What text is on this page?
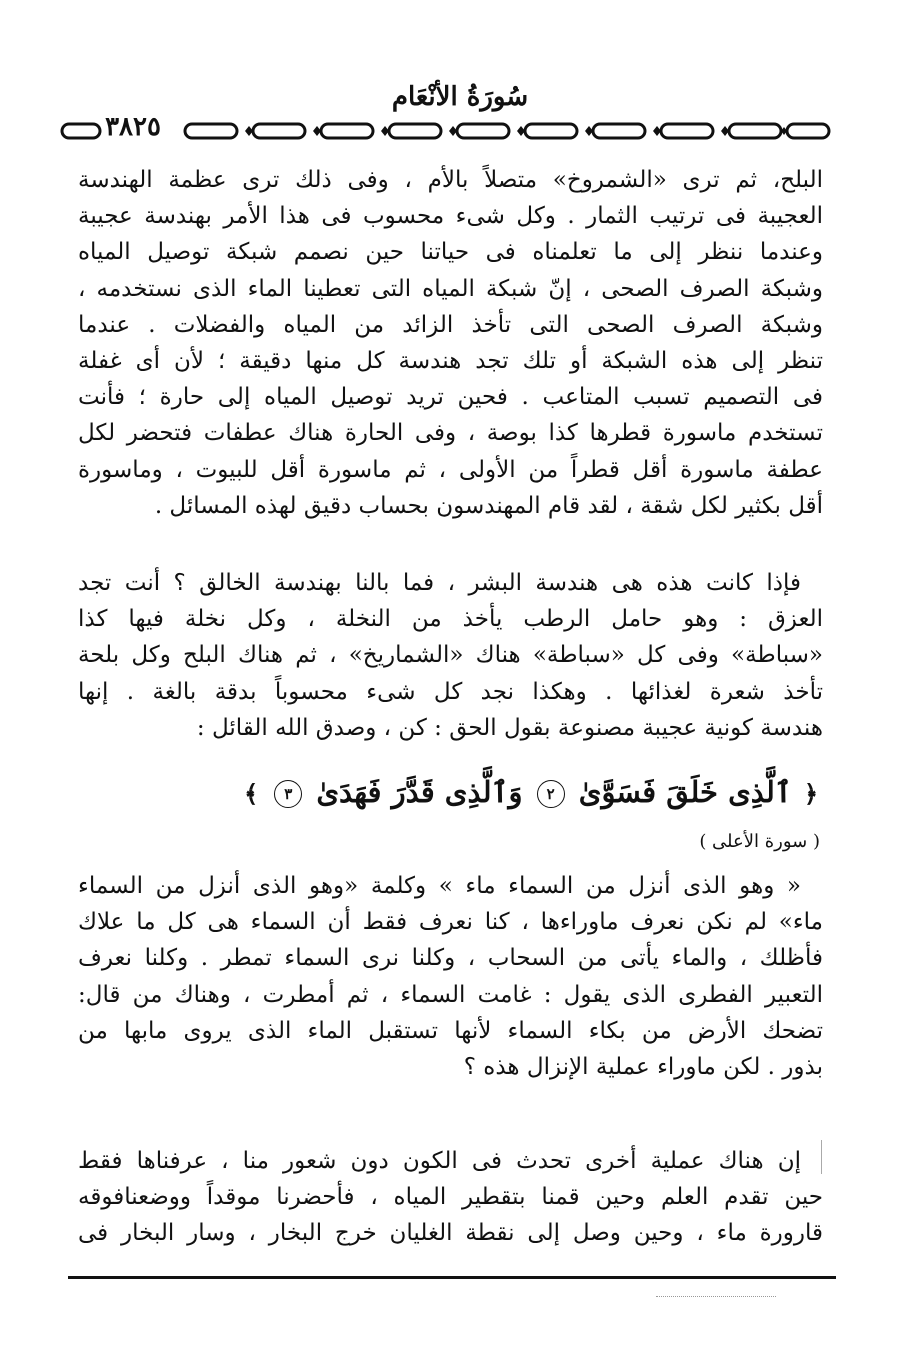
سُورَةُ الأنْعَام
٣٨٢٥
البلح، ثم ترى «الشمروخ» متصلاً بالأم ، وفى ذلك ترى عظمة الهندسة
العجيبة فى ترتيب الثمار . وكل شىء محسوب فى هذا الأمر بهندسة عجيبة
وعندما ننظر إلى ما تعلمناه فى حياتنا حين نصمم شبكة توصيل المياه
وشبكة الصرف الصحى ، إنّ شبكة المياه التى تعطينا الماء الذى نستخدمه ،
وشبكة الصرف الصحى التى تأخذ الزائد من المياه والفضلات . عندما
تنظر إلى هذه الشبكة أو تلك تجد هندسة كل منها دقيقة ؛ لأن أى غفلة
فى التصميم تسبب المتاعب . فحين تريد توصيل المياه إلى حارة ؛ فأنت
تستخدم ماسورة قطرها كذا بوصة ، وفى الحارة هناك عطفات فتحضر لكل
عطفة ماسورة أقل قطراً من الأولى ، ثم ماسورة أقل للبيوت ، وماسورة
أقل بكثير لكل شقة ، لقد قام المهندسون بحساب دقيق لهذه المسائل .
فإذا كانت هذه هى هندسة البشر ، فما بالنا بهندسة الخالق ؟ أنت تجد
العزق : وهو حامل الرطب يأخذ من النخلة ، وكل نخلة فيها كذا
«سباطة» وفى كل «سباطة» هناك «الشماريخ» ، ثم هناك البلح وكل بلحة
تأخذ شعرة لغذائها . وهكذا نجد كل شىء محسوباً بدقة بالغة . إنها
هندسة كونية عجيبة مصنوعة بقول الحق : كن ، وصدق الله القائل :
﴿ ٱلَّذِى خَلَقَ فَسَوَّىٰ ٢ وَٱلَّذِى قَدَّرَ فَهَدَىٰ ٣ ﴾
( سورة الأعلى )
« وهو الذى أنزل من السماء ماء » وكلمة «وهو الذى أنزل من السماء
ماء» لم نكن نعرف ماوراءها ، كنا نعرف فقط أن السماء هى كل ما علاك
فأظلك ، والماء يأتى من السحاب ، وكلنا نرى السماء تمطر . وكلنا نعرف
التعبير الفطرى الذى يقول : غامت السماء ، ثم أمطرت ، وهناك من قال:
تضحك الأرض من بكاء السماء لأنها تستقبل الماء الذى يروى مابها من
بذور . لكن ماوراء عملية الإنزال هذه ؟
إن هناك عملية أخرى تحدث فى الكون دون شعور منا ، عرفناها فقط
حين تقدم العلم وحين قمنا بتقطير المياه ، فأحضرنا موقداً ووضعنافوقه
قارورة ماء ، وحين وصل إلى نقطة الغليان خرج البخار ، وسار البخار فى
